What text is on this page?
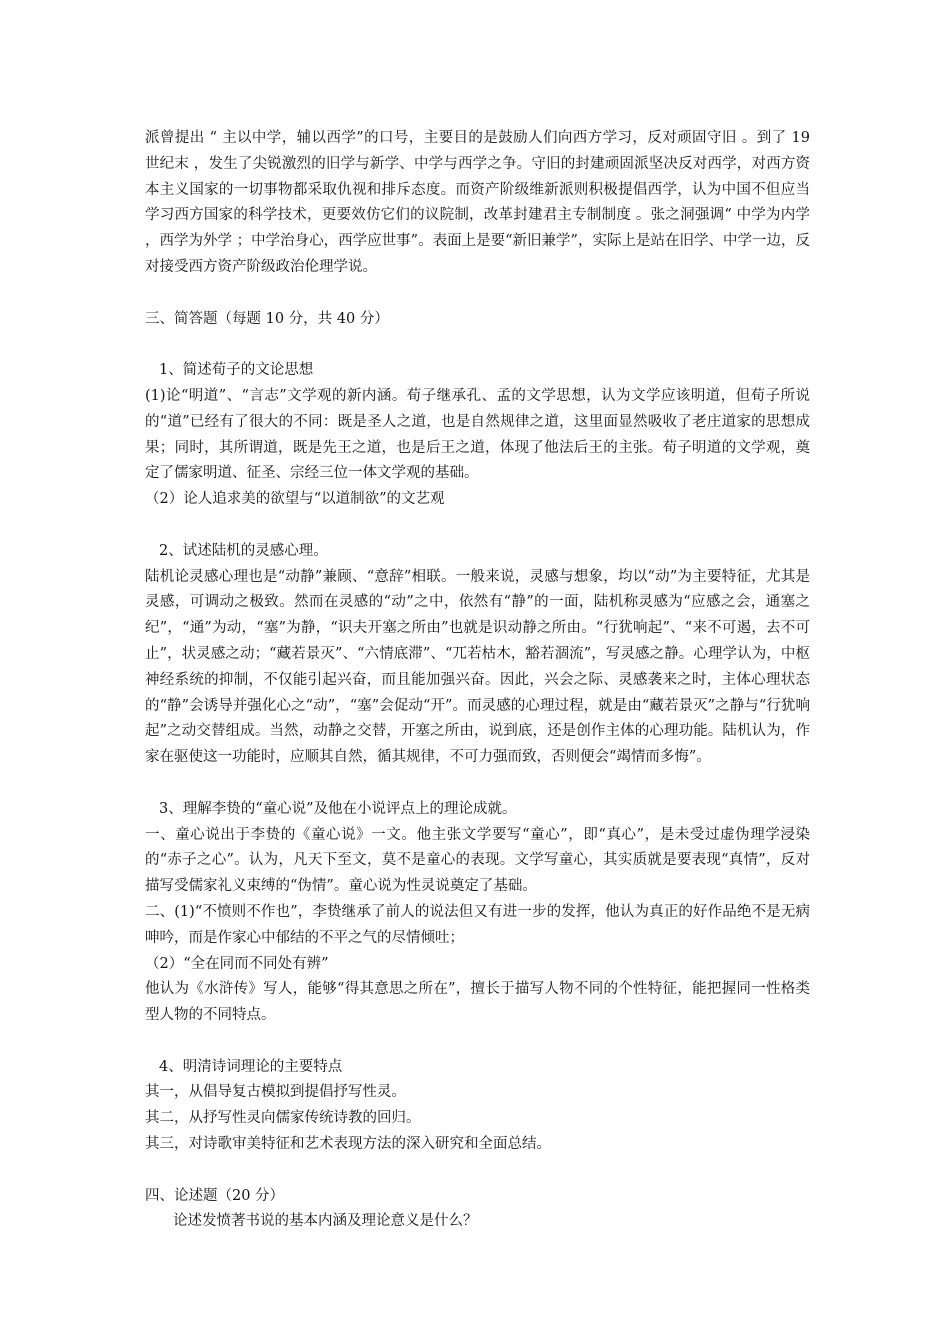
派曾提出 “ 主以中学，辅以西学”的口号，主要目的是鼓励人们向西方学习，反对顽固守旧 。到了 19 世纪末 ，发生了尖锐激烈的旧学与新学、中学与西学之争。守旧的封建顽固派坚决反对西学，对西方资本主义国家的一切事物都采取仇视和排斥态度。而资产阶级维新派则积极提倡西学，认为中国不但应当学习西方国家的科学技术，更要效仿它们的议院制，改革封建君主专制制度 。张之洞强调“ 中学为内学 ，西学为外学 ；中学治身心，西学应世事”。表面上是要“新旧兼学”，实际上是站在旧学、中学一边，反对接受西方资产阶级政治伦理学说。

三、简答题（每题 10 分，共 40 分）

1、简述荀子的文论思想

(1)论“明道”、“言志”文学观的新内涵。荀子继承孔、孟的文学思想，认为文学应该明道，但荀子所说的“道”已经有了很大的不同：既是圣人之道，也是自然规律之道，这里面显然吸收了老庄道家的思想成果；同时，其所谓道，既是先王之道，也是后王之道，体现了他法后王的主张。荀子明道的文学观，奠定了儒家明道、征圣、宗经三位一体文学观的基础。

（2）论人追求美的欲望与“以道制欲”的文艺观

2、试述陆机的灵感心理。

陆机论灵感心理也是“动静”兼顾、“意辞”相联。一般来说，灵感与想象，均以“动”为主要特征，尤其是灵感，可调动之极致。然而在灵感的“动”之中，依然有“静”的一面，陆机称灵感为“应感之会，通塞之纪”，“通”为动，“塞”为静，“识夫开塞之所由”也就是识动静之所由。“行犹响起”、“来不可遏，去不可止”，状灵感之动；“藏若景灭”、“六情底滞”、“兀若枯木，豁若涸流”，写灵感之静。心理学认为，中枢神经系统的抑制，不仅能引起兴奋，而且能加强兴奋。因此，兴会之际、灵感袭来之时，主体心理状态的“静”会诱导并强化心之“动”，“塞”会促动“开”。而灵感的心理过程，就是由“藏若景灭”之静与“行犹响起”之动交替组成。当然，动静之交替，开塞之所由，说到底，还是创作主体的心理功能。陆机认为，作家在驱使这一功能时，应顺其自然，循其规律，不可力强而致，否则便会“竭情而多悔”。

3、理解李贽的“童心说”及他在小说评点上的理论成就。

一、童心说出于李贽的《童心说》一文。他主张文学要写“童心”，即“真心”，是未受过虚伪理学浸染的“赤子之心”。认为，凡天下至文，莫不是童心的表现。文学写童心，其实质就是要表现“真情”，反对描写受儒家礼义束缚的“伪情”。童心说为性灵说奠定了基础。

二、(1)“不愤则不作也”，李贽继承了前人的说法但又有进一步的发挥，他认为真正的好作品绝不是无病呻吟，而是作家心中郁结的不平之气的尽情倾吐；

（2）“全在同而不同处有辨”

他认为《水浒传》写人，能够“得其意思之所在”，擅长于描写人物不同的个性特征，能把握同一性格类型人物的不同特点。

4、明清诗词理论的主要特点

其一，从倡导复古模拟到提倡抒写性灵。

其二，从抒写性灵向儒家传统诗教的回归。

其三，对诗歌审美特征和艺术表现方法的深入研究和全面总结。

四、论述题（20 分）

论述发愤著书说的基本内涵及理论意义是什么？
